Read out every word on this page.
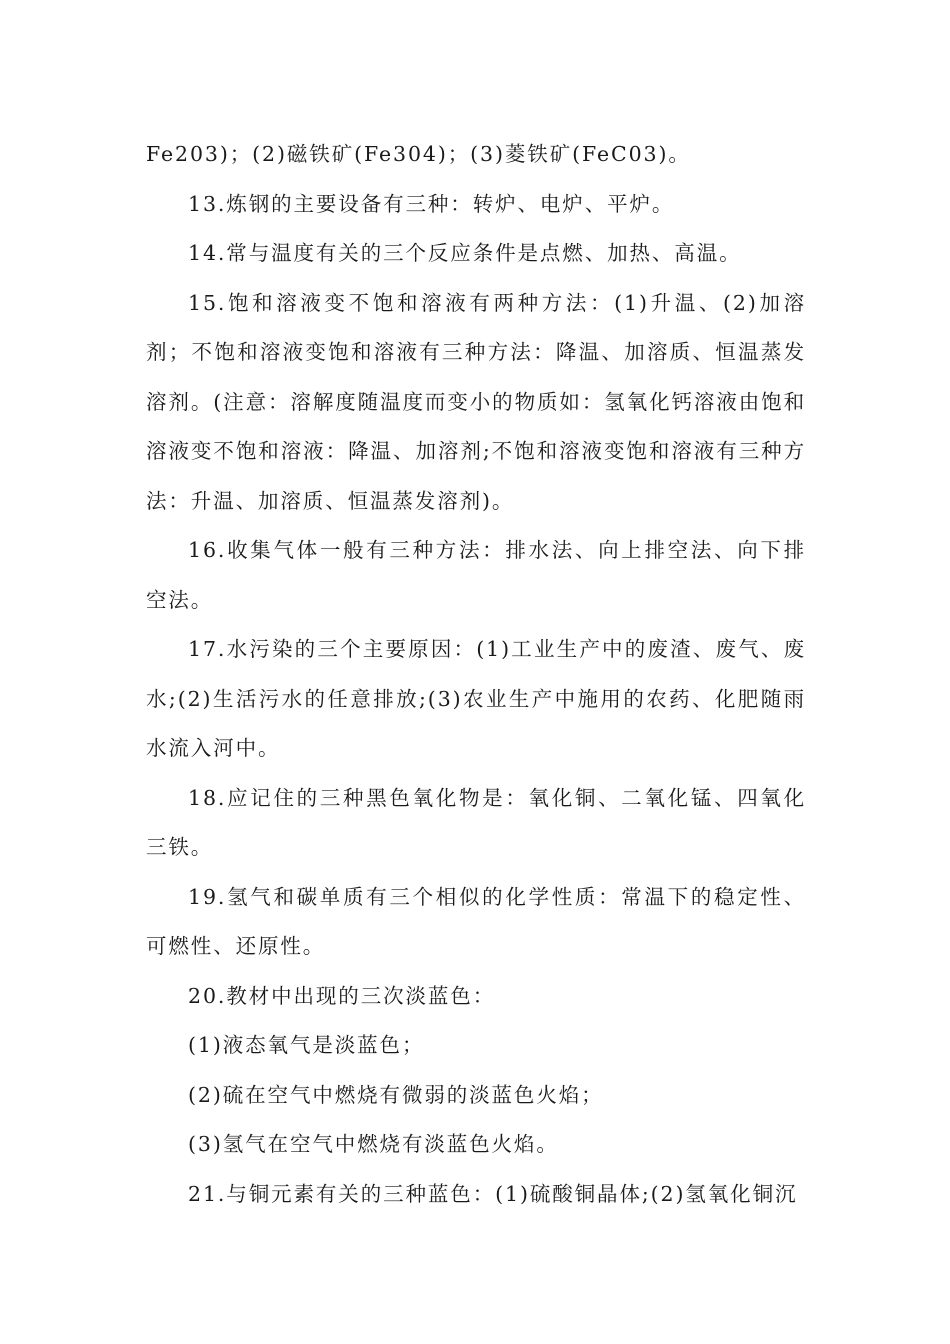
Fe203)；(2)磁铁矿(Fe304)；(3)菱铁矿(FeC03)。

13.炼钢的主要设备有三种：转炉、电炉、平炉。

14.常与温度有关的三个反应条件是点燃、加热、高温。

15.饱和溶液变不饱和溶液有两种方法：(1)升温、(2)加溶剂；不饱和溶液变饱和溶液有三种方法：降温、加溶质、恒温蒸发溶剂。(注意：溶解度随温度而变小的物质如：氢氧化钙溶液由饱和溶液变不饱和溶液：降温、加溶剂;不饱和溶液变饱和溶液有三种方法：升温、加溶质、恒温蒸发溶剂)。

16.收集气体一般有三种方法：排水法、向上排空法、向下排空法。

17.水污染的三个主要原因：(1)工业生产中的废渣、废气、废水;(2)生活污水的任意排放;(3)农业生产中施用的农药、化肥随雨水流入河中。

18.应记住的三种黑色氧化物是：氧化铜、二氧化锰、四氧化三铁。

19.氢气和碳单质有三个相似的化学性质：常温下的稳定性、可燃性、还原性。

20.教材中出现的三次淡蓝色：

(1)液态氧气是淡蓝色；

(2)硫在空气中燃烧有微弱的淡蓝色火焰；

(3)氢气在空气中燃烧有淡蓝色火焰。

21.与铜元素有关的三种蓝色：(1)硫酸铜晶体;(2)氢氧化铜沉
